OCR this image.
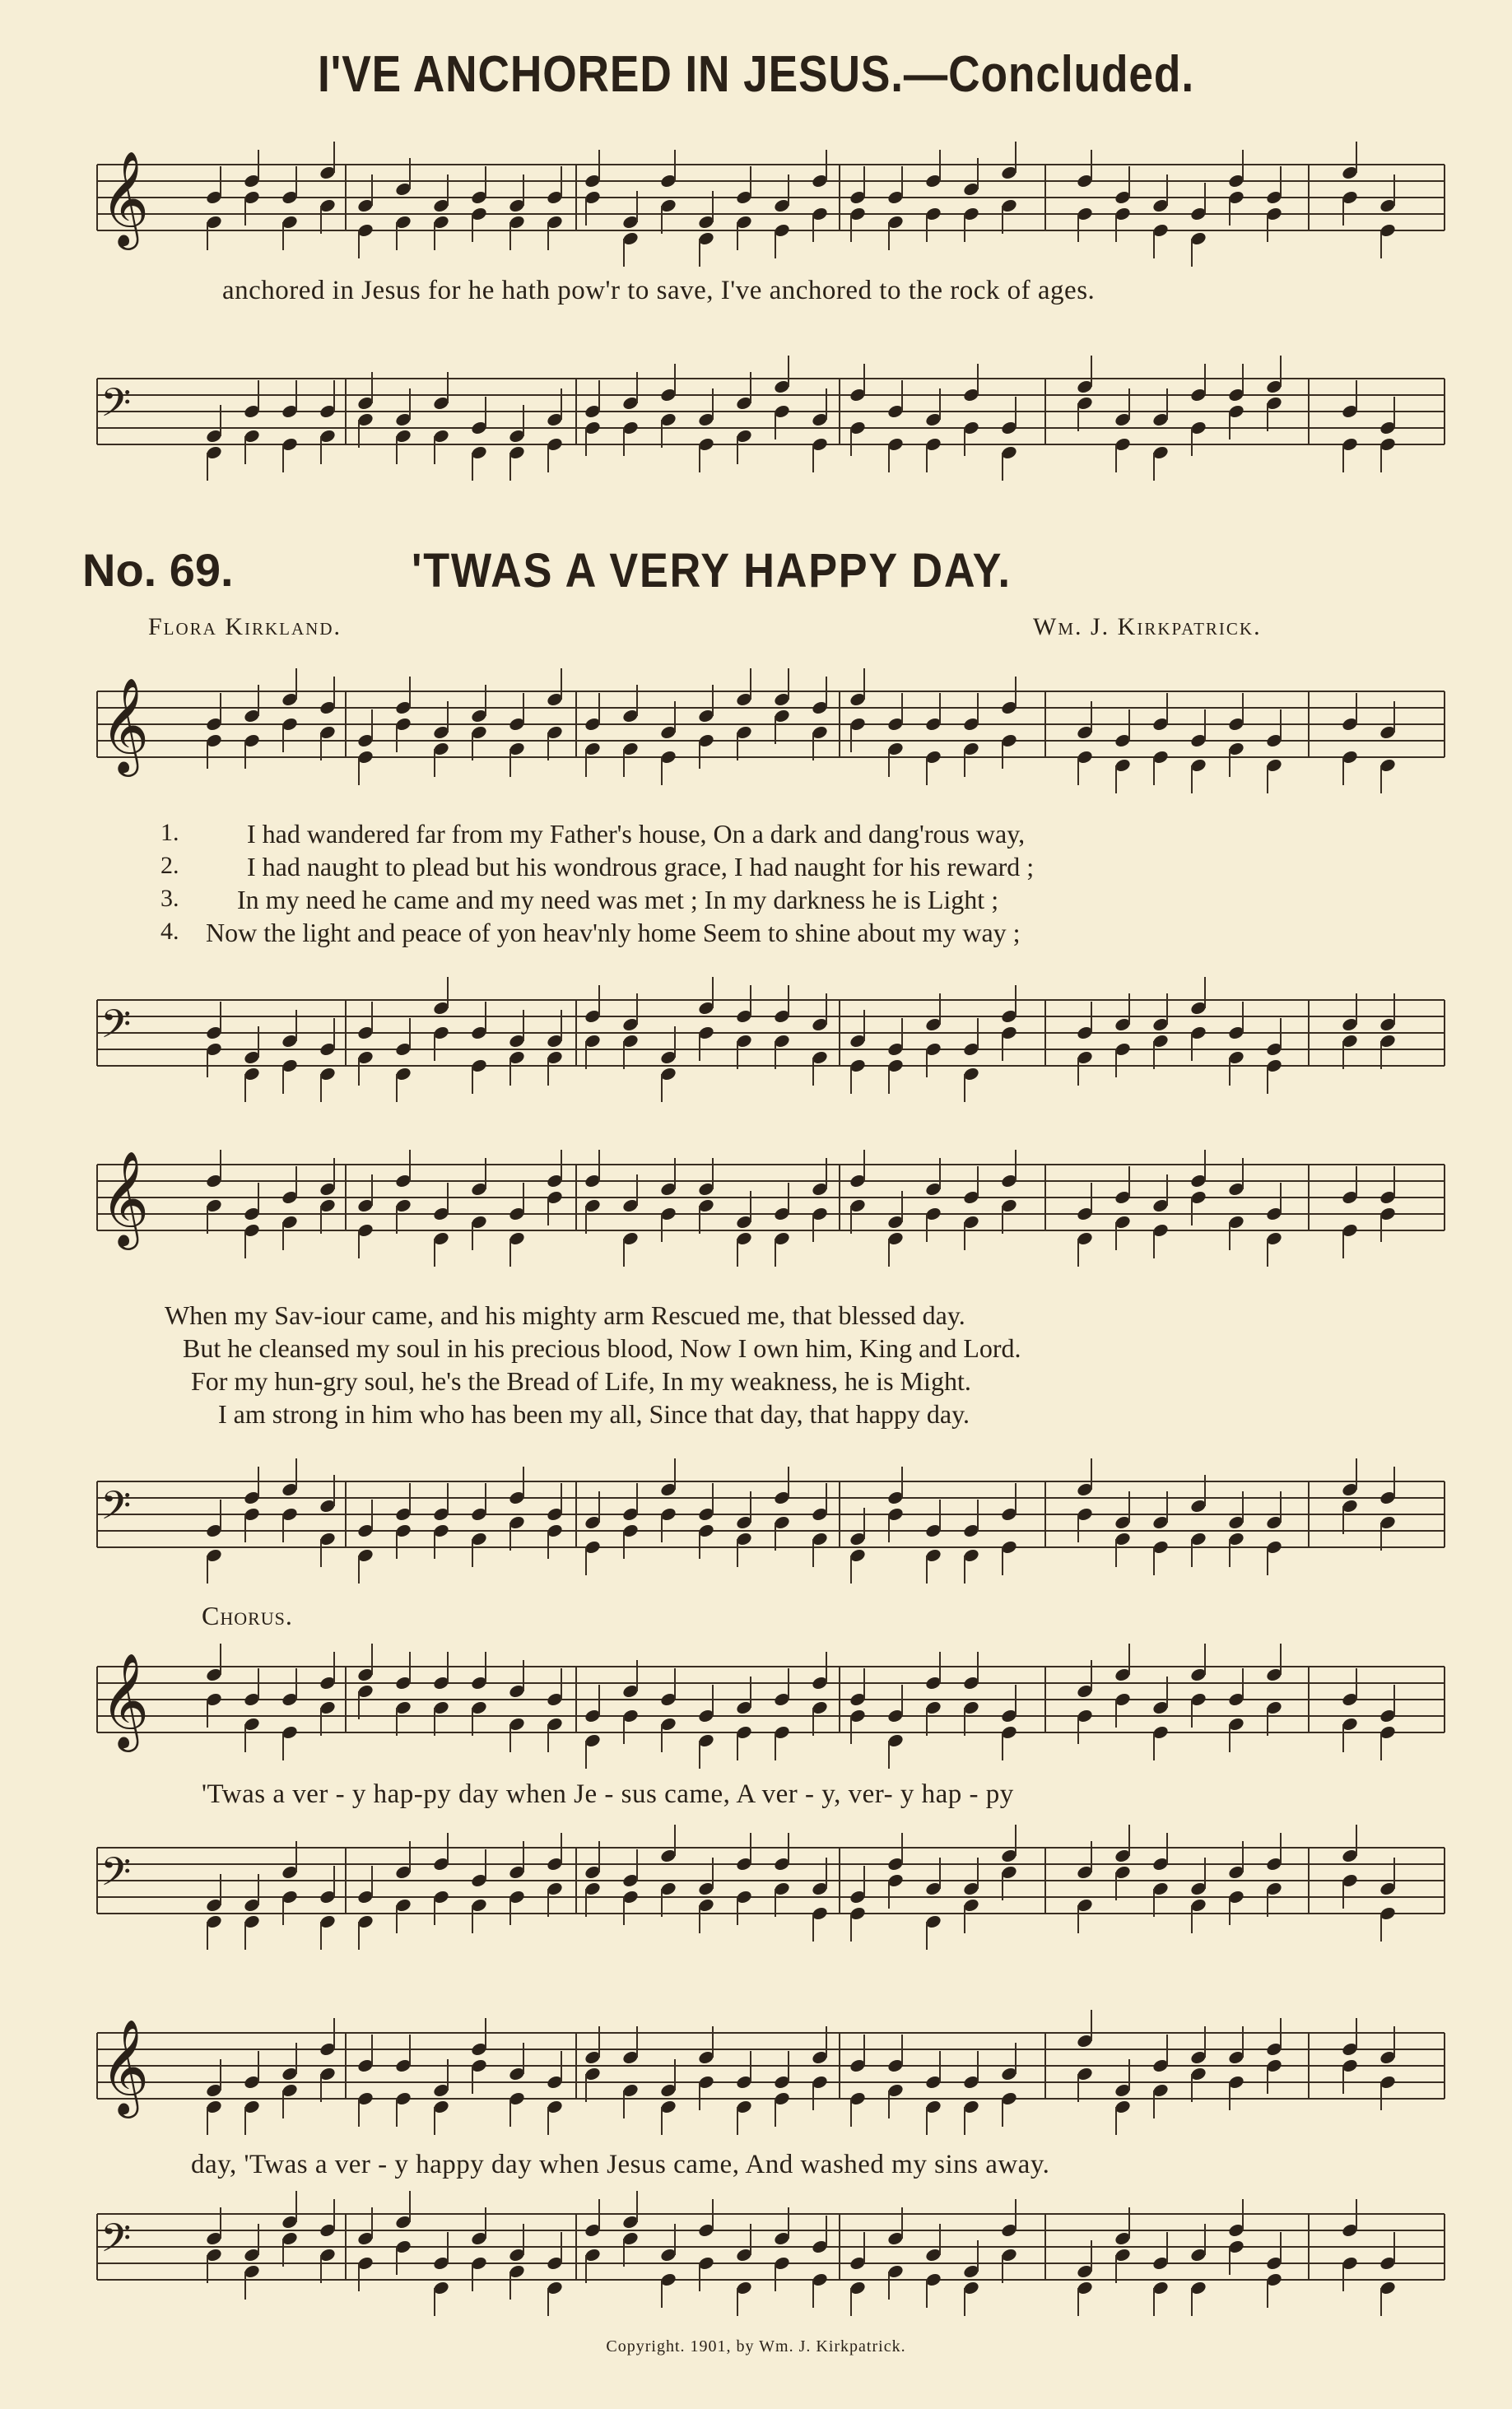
I'VE ANCHORED IN JESUS.—Concluded.
𝄞
anchored in Jesus for he hath pow'r to save, I've anchored to the rock of ages.
𝄢
No. 69.	'TWAS A VERY HAPPY DAY.
Flora Kirkland.	Wm. J. Kirkpatrick.
𝄞
1.	I had wandered far from my Father's house, On a dark and dang'rous way,
2.	I had naught to plead but his wondrous grace, I had naught for his reward ;
3. In my need he came and my need was met ; In my darkness he is Light ;
4. Now the light and peace of yon heav'nly home Seem to shine about my way ;
𝄢
𝄞
When my Sav-iour came, and his mighty arm Rescued me, that blessed day.
But he cleansed my soul in his precious blood, Now I own him, King and Lord.
For my hun-gry soul, he's the Bread of Life, In my weakness, he is Might.
I am strong in him who has been my all, Since that day, that happy day.
𝄢
Chorus.
𝄞
'Twas a ver - y hap-py day when Je - sus came, A ver - y, ver- y hap - py
𝄢
𝄞
day, 'Twas a ver - y happy day when Jesus came, And washed my sins away.
𝄢
Copyright. 1901, by Wm. J. Kirkpatrick.
